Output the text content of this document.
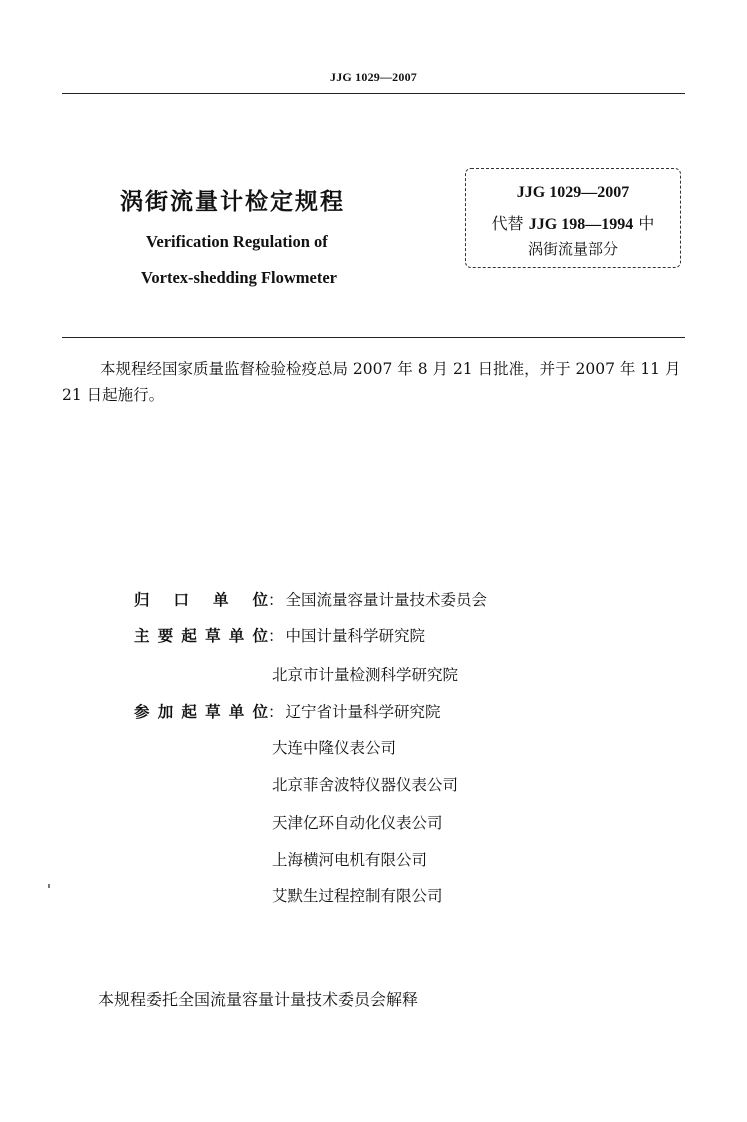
JJG 1029—2007
涡街流量计检定规程
Verification Regulation of
Vortex-shedding Flowmeter
JJG 1029—2007
代替 JJG 198—1994 中
涡街流量部分
本规程经国家质量监督检验检疫总局 2007 年 8 月 21 日批准，并于 2007 年 11 月 21 日起施行。
归口单位： 全国流量容量计量技术委员会
主要起草单位： 中国计量科学研究院
北京市计量检测科学研究院
参加起草单位： 辽宁省计量科学研究院
大连中隆仪表公司
北京菲舍波特仪器仪表公司
天津亿环自动化仪表公司
上海横河电机有限公司
艾默生过程控制有限公司
本规程委托全国流量容量计量技术委员会解释
